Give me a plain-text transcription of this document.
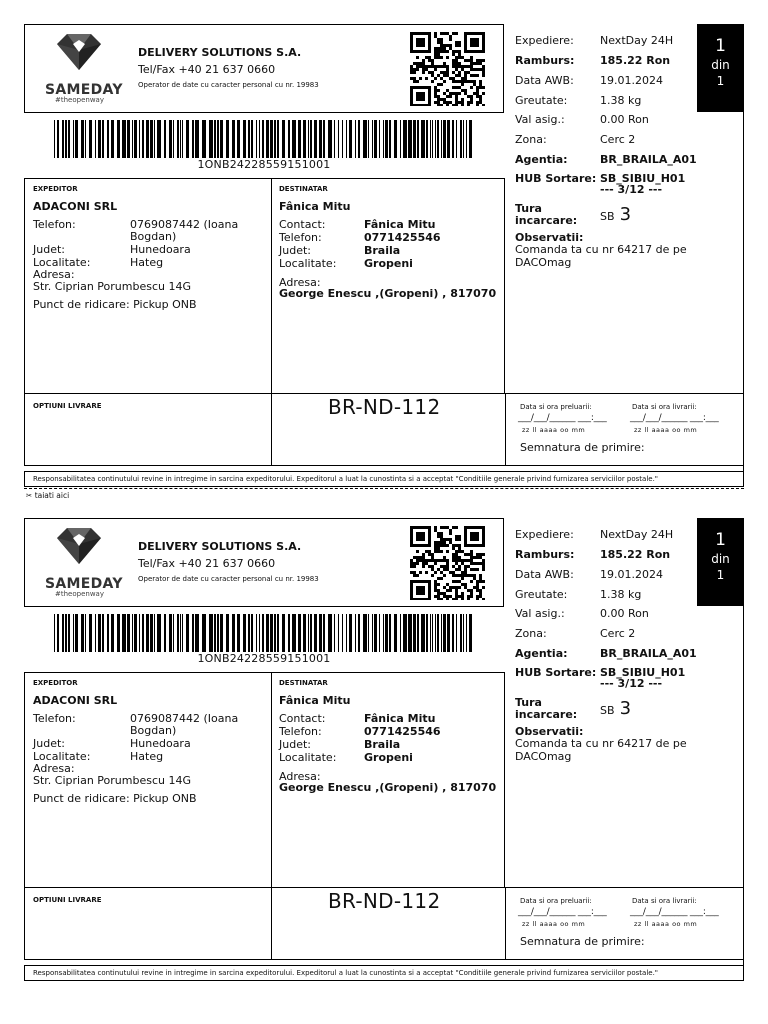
SAMEDAY
#theopenway
DELIVERY SOLUTIONS S.A.
Tel/Fax +40 21 637 0660
Operator de date cu caracter personal cu nr. 19983
1ONB24228559151001
Expediere: NextDay 24H
Ramburs: 185.22 Ron
Data AWB: 19.01.2024
Greutate:	1.38 kg
Val asig.:	0.00 Ron
Zona:	Cerc 2
Agentia:	BR_BRAILA_A01
HUB Sortare: SB_SIBIU_H01
--- 3/12 ---
Tura
incarcare: SB 3
Observatii:
Comanda ta cu nr 64217 de pe DACOmag
1
din
1
EXPEDITOR
ADACONI SRL
Telefon:	0769087442 (Ioana
Bogdan)
Judet:	Hunedoara
Localitate:	Hateg
Adresa:
Str. Ciprian Porumbescu 14G
Punct de ridicare: Pickup ONB
DESTINATAR
Fânica Mitu
Contact:	Fânica Mitu
Telefon:	0771425546
Judet:	Braila
Localitate:	Gropeni
Adresa:
George Enescu ,(Gropeni) , 817070
OPTIUNI LIVRARE	BR-ND-112	Data si ora preluarii:	Data si ora livrarii:
___/___/______ ___:___	___/___/______ ___:___
zz ll aaaa oo mm	zz ll aaaa oo mm
Semnatura de primire:
Responsabilitatea continutului revine in intregime in sarcina expeditorului. Expeditorul a luat la cunostinta si a acceptat "Conditiile generale privind furnizarea serviciilor postale."
✂ taiati aici
SAMEDAY
#theopenway
DELIVERY SOLUTIONS S.A.
Tel/Fax +40 21 637 0660
Operator de date cu caracter personal cu nr. 19983
1ONB24228559151001
Expediere: NextDay 24H
Ramburs: 185.22 Ron
Data AWB: 19.01.2024
Greutate:	1.38 kg
Val asig.:	0.00 Ron
Zona:	Cerc 2
Agentia:	BR_BRAILA_A01
HUB Sortare: SB_SIBIU_H01
--- 3/12 ---
Tura
incarcare: SB 3
Observatii:
Comanda ta cu nr 64217 de pe DACOmag
1
din
1
EXPEDITOR
ADACONI SRL
Telefon:	0769087442 (Ioana
Bogdan)
Judet:	Hunedoara
Localitate:	Hateg
Adresa:
Str. Ciprian Porumbescu 14G
Punct de ridicare: Pickup ONB
DESTINATAR
Fânica Mitu
Contact:	Fânica Mitu
Telefon:	0771425546
Judet:	Braila
Localitate:	Gropeni
Adresa:
George Enescu ,(Gropeni) , 817070
OPTIUNI LIVRARE	BR-ND-112	Data si ora preluarii:	Data si ora livrarii:
___/___/______ ___:___	___/___/______ ___:___
zz ll aaaa oo mm	zz ll aaaa oo mm
Semnatura de primire:
Responsabilitatea continutului revine in intregime in sarcina expeditorului. Expeditorul a luat la cunostinta si a acceptat "Conditiile generale privind furnizarea serviciilor postale."
